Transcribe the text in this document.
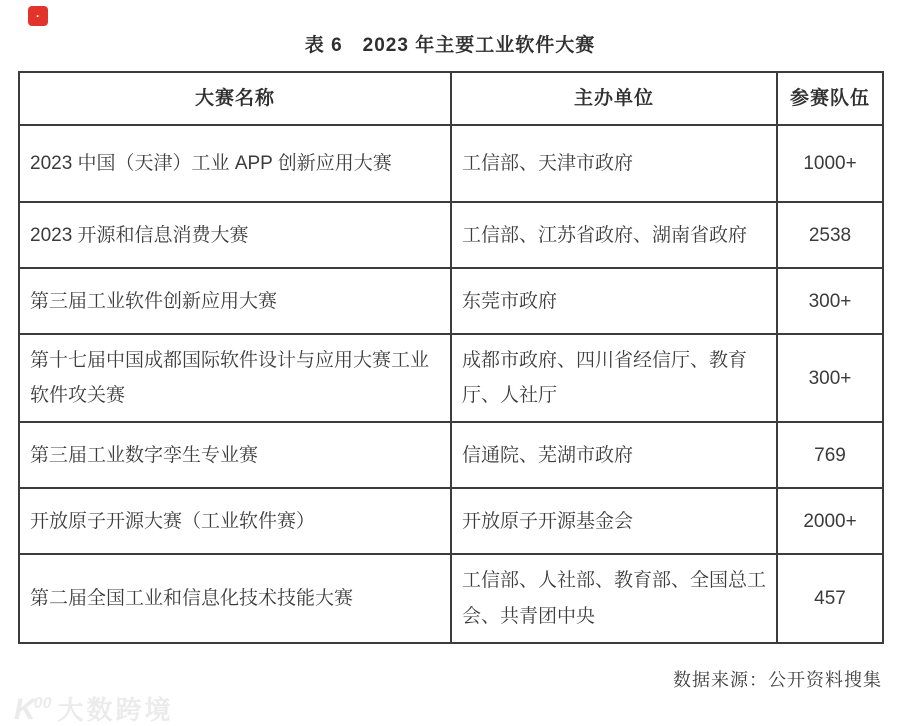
·
表 6　2023 年主要工业软件大赛
大赛名称	主办单位	参赛队伍
2023 中国（天津）工业 APP 创新应用大赛	工信部、天津市政府	1000+
2023 开源和信息消费大赛	工信部、江苏省政府、湖南省政府	2538
第三届工业软件创新应用大赛	东莞市政府	300+
第十七届中国成都国际软件设计与应用大赛工业软件攻关赛	成都市政府、四川省经信厅、教育厅、人社厅	300+
第三届工业数字孪生专业赛	信通院、芜湖市政府	769
开放原子开源大赛（工业软件赛）	开放原子开源基金会	2000+
第二届全国工业和信息化技术技能大赛	工信部、人社部、教育部、全国总工会、共青团中央	457
数据来源：公开资料搜集
$K^{00}$ 大数跨境
